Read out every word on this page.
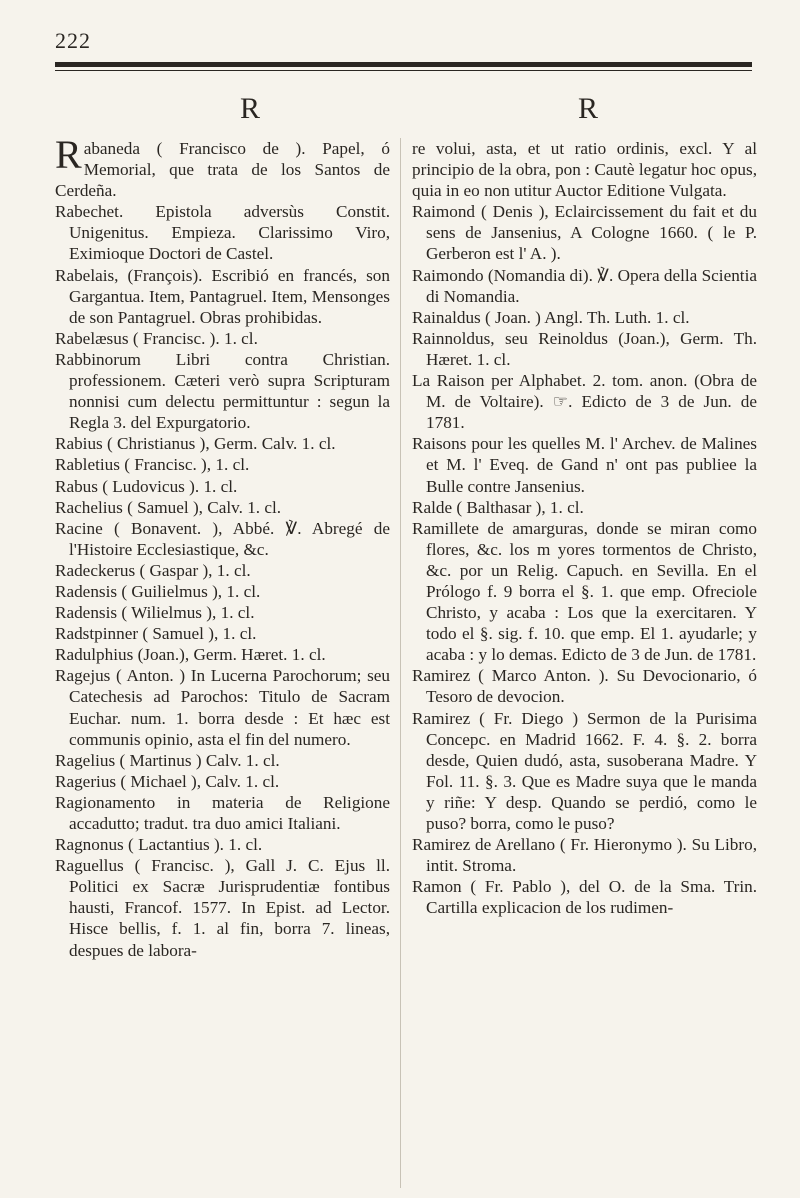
222
R	R

Rabaneda ( Francisco de ). Papel, ó Memorial, que trata de los Santos de Cerdeña.

Rabechet. Epistola adversùs Constit. Unigenitus. Empieza. Clarissimo Viro, Eximioque Doctori de Castel.

Rabelais, (François). Escribió en francés, son Gargantua. Item, Pantagruel. Item, Mensonges de son Pantagruel. Obras prohibidas.

Rabelæsus ( Francisc. ). 1. cl.

Rabbinorum Libri contra Christian. professionem. Cæteri verò supra Scripturam nonnisi cum delectu permittuntur : segun la Regla 3. del Expurgatorio.

Rabius ( Christianus ), Germ. Calv. 1. cl.

Rabletius ( Francisc. ), 1. cl.

Rabus ( Ludovicus ). 1. cl.

Rachelius ( Samuel ), Calv. 1. cl.

Racine ( Bonavent. ), Abbé. ℣. Abregé de l'Histoire Ecclesiastique, &c.

Radeckerus ( Gaspar ), 1. cl.

Radensis ( Guilielmus ), 1. cl.

Radensis ( Wilielmus ), 1. cl.

Radstpinner ( Samuel ), 1. cl.

Radulphius (Joan.), Germ. Hæret. 1. cl.

Ragejus ( Anton. ) In Lucerna Parochorum; seu Catechesis ad Parochos: Titulo de Sacram Euchar. num. 1. borra desde : Et hæc est communis opinio, asta el fin del numero.

Ragelius ( Martinus ) Calv. 1. cl.

Ragerius ( Michael ), Calv. 1. cl.

Ragionamento in materia de Religione accadutto; tradut. tra duo amici Italiani.

Ragnonus ( Lactantius ). 1. cl.

Raguellus ( Francisc. ), Gall J. C. Ejus ll. Politici ex Sacræ Jurisprudentiæ fontibus hausti, Francof. 1577. In Epist. ad Lector. Hisce bellis, f. 1. al fin, borra 7. lineas, despues de labora-

re volui, asta, et ut ratio ordinis, excl. Y al principio de la obra, pon : Cautè legatur hoc opus, quia in eo non utitur Auctor Editione Vulgata.

Raimond ( Denis ), Eclaircissement du fait et du sens de Jansenius, A Cologne 1660. ( le P. Gerberon est l' A. ).

Raimondo (Nomandia di). ℣. Opera della Scientia di Nomandia.

Rainaldus ( Joan. ) Angl. Th. Luth. 1. cl.

Rainnoldus, seu Reinoldus (Joan.), Germ. Th. Hæret. 1. cl.

La Raison per Alphabet. 2. tom. anon. (Obra de M. de Voltaire). ☞. Edicto de 3 de Jun. de 1781.

Raisons pour les quelles M. l' Archev. de Malines et M. l' Eveq. de Gand n' ont pas publiee la Bulle contre Jansenius.

Ralde ( Balthasar ), 1. cl.

Ramillete de amarguras, donde se miran como flores, &c. los m yores tormentos de Christo, &c. por un Relig. Capuch. en Sevilla. En el Prólogo f. 9 borra el §. 1. que emp. Ofreciole Christo, y acaba : Los que la exercitaren. Y todo el §. sig. f. 10. que emp. El 1. ayudarle; y acaba : y lo demas. Edicto de 3 de Jun. de 1781.

Ramirez ( Marco Anton. ). Su Devocionario, ó Tesoro de devocion.

Ramirez ( Fr. Diego ) Sermon de la Purisima Concepc. en Madrid 1662. F. 4. §. 2. borra desde, Quien dudó, asta, susoberana Madre. Y Fol. 11. §. 3. Que es Madre suya que le manda y riñe: Y desp. Quando se perdió, como le puso? borra, como le puso?

Ramirez de Arellano ( Fr. Hieronymo ). Su Libro, intit. Stroma.

Ramon ( Fr. Pablo ), del O. de la Sma. Trin. Cartilla explicacion de los rudimen-
